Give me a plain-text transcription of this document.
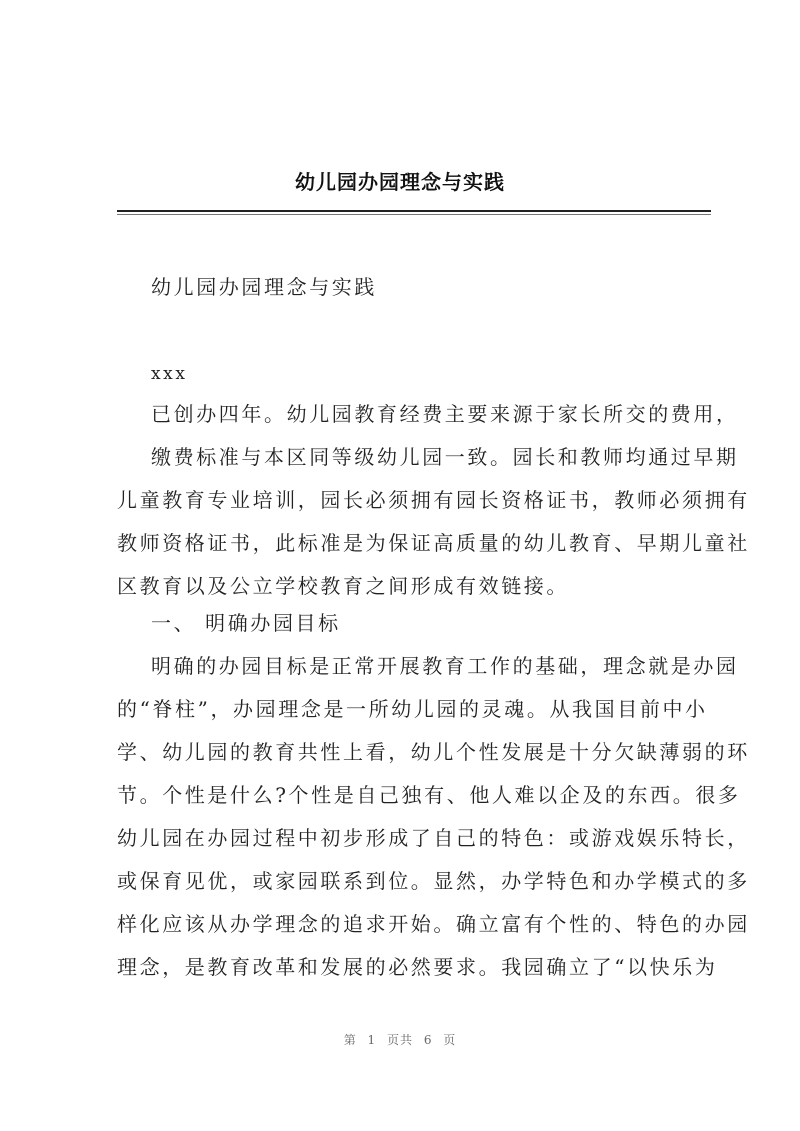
幼儿园办园理念与实践
幼儿园办园理念与实践
xxx
已创办四年。幼儿园教育经费主要来源于家长所交的费用，
缴费标准与本区同等级幼儿园一致。园长和教师均通过早期
儿童教育专业培训，园长必须拥有园长资格证书，教师必须拥有
教师资格证书，此标准是为保证高质量的幼儿教育、早期儿童社
区教育以及公立学校教育之间形成有效链接。
一、 明确办园目标
明确的办园目标是正常开展教育工作的基础，理念就是办园
的“脊柱”，办园理念是一所幼儿园的灵魂。从我国目前中小
学、幼儿园的教育共性上看，幼儿个性发展是十分欠缺薄弱的环
节。个性是什么?个性是自己独有、他人难以企及的东西。很多
幼儿园在办园过程中初步形成了自己的特色：或游戏娱乐特长，
或保育见优，或家园联系到位。显然，办学特色和办学模式的多
样化应该从办学理念的追求开始。确立富有个性的、特色的办园
理念，是教育改革和发展的必然要求。我园确立了“以快乐为
第 1 页共 6 页
